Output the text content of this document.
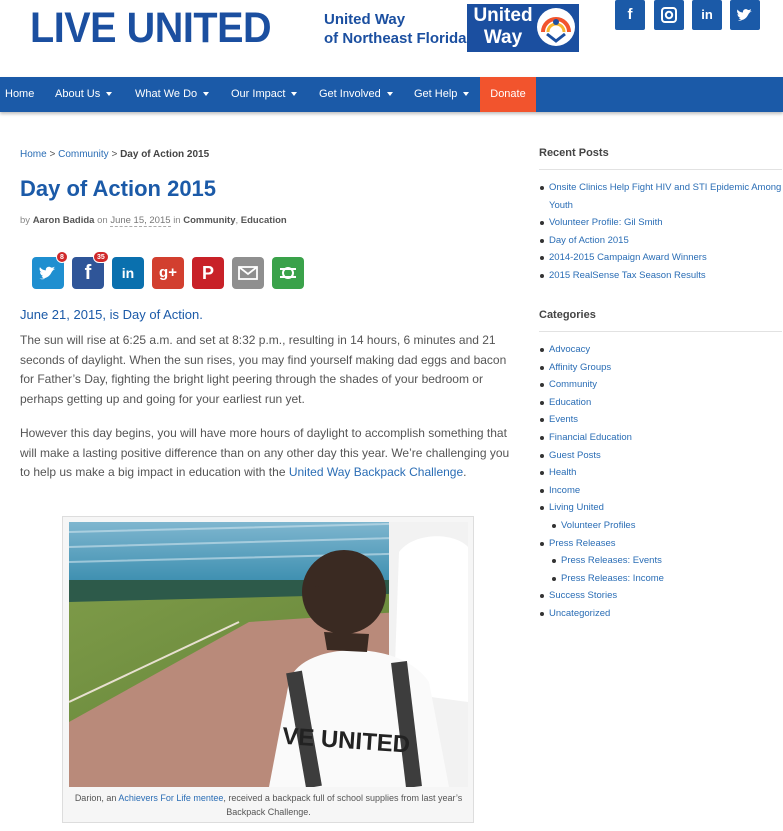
LIVE UNITED	United Way
of Northeast Florida
United
Way
f	in
Home About Us	What We Do	Our Impact	Get Involved	Get Help	Donate
Home > Community > Day of Action 2015
Day of Action 2015
by Aaron Badida on June 15, 2015 in Community, Education
8
f
35
in	g+	P
June 21, 2015, is Day of Action.
The sun will rise at 6:25 a.m. and set at 8:32 p.m., resulting in 14 hours, 6 minutes and 21 seconds of daylight. When the sun rises, you may find yourself making dad eggs and bacon for Father’s Day, fighting the bright light peering through the shades of your bedroom or perhaps getting up and going for your earliest run yet.
However this day begins, you will have more hours of daylight to accomplish something that will make a lasting positive difference than on any other day this year. We’re challenging you to help us make a big impact in education with the United Way Backpack Challenge.
VE UNITED
Darion, an Achievers For Life mentee, received a backpack full of school supplies from last year’s Backpack Challenge.
Recent Posts
Onsite Clinics Help Fight HIV and STI Epidemic Among Youth
Volunteer Profile: Gil Smith
Day of Action 2015
2014-2015 Campaign Award Winners
2015 RealSense Tax Season Results
Categories
Advocacy
Affinity Groups
Community
Education
Events
Financial Education
Guest Posts
Health
Income
Living United
Volunteer Profiles
Press Releases
Press Releases: Events
Press Releases: Income
Success Stories
Uncategorized
